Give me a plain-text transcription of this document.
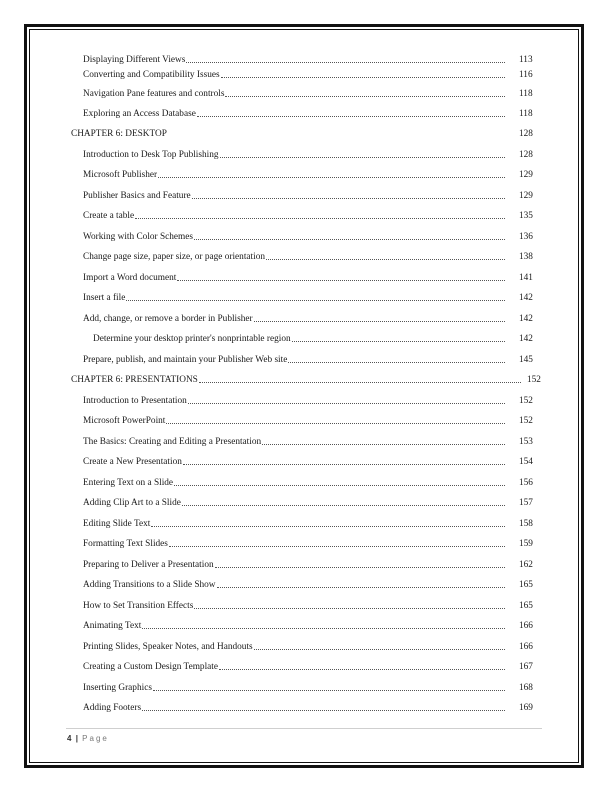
Displaying Different Views	113
Converting and Compatibility Issues	116
Navigation Pane features and controls	118
Exploring an Access Database	118
CHAPTER 6: DESKTOP	128
Introduction to Desk Top Publishing	128
Microsoft Publisher	129
Publisher Basics and Feature	129
Create a table	135
Working with Color Schemes	136
Change page size, paper size, or page orientation	138
Import a Word document	141
Insert a file	142
Add, change, or remove a border in Publisher	142
Determine your desktop printer's nonprintable region	142
Prepare, publish, and maintain your Publisher Web site	145
CHAPTER 6: PRESENTATIONS	152
Introduction to Presentation	152
Microsoft PowerPoint	152
The Basics: Creating and Editing a Presentation	153
Create a New Presentation	154
Entering Text on a Slide	156
Adding Clip Art to a Slide	157
Editing Slide Text	158
Formatting Text Slides	159
Preparing to Deliver a Presentation	162
Adding Transitions to a Slide Show	165
How to Set Transition Effects	165
Animating Text	166
Printing Slides, Speaker Notes, and Handouts	166
Creating a Custom Design Template	167
Inserting Graphics	168
Adding Footers	169
4 | Page
